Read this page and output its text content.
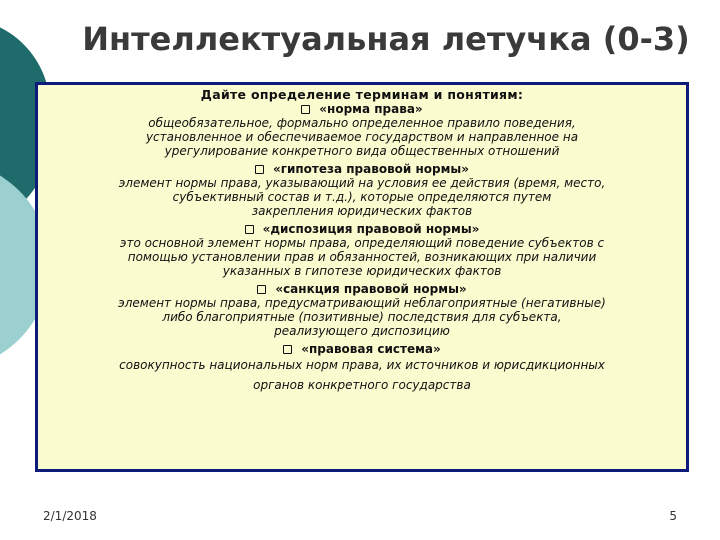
Интеллектуальная летучка (0-3)

Дайте определение терминам и понятиям:

«норма права»

общеобязательное, формально определенное правило поведения,

установленное и обеспечиваемое государством и направленное на

урегулирование конкретного вида общественных отношений

«гипотеза правовой нормы»

элемент нормы права, указывающий на условия ее действия (время, место,

субъективный состав и т.д.), которые определяются путем

закрепления юридических фактов

«диспозиция правовой нормы»

это основной элемент нормы права, определяющий поведение субъектов с

помощью установлении прав и обязанностей, возникающих при наличии

указанных в гипотезе юридических фактов

«санкция правовой нормы»

элемент нормы права, предусматривающий неблагоприятные (негативные)

либо благоприятные (позитивные) последствия для субъекта,

реализующего диспозицию

«правовая система»

совокупность национальных норм права, их источников и юрисдикционных

органов конкретного государства

2/1/2018	5
